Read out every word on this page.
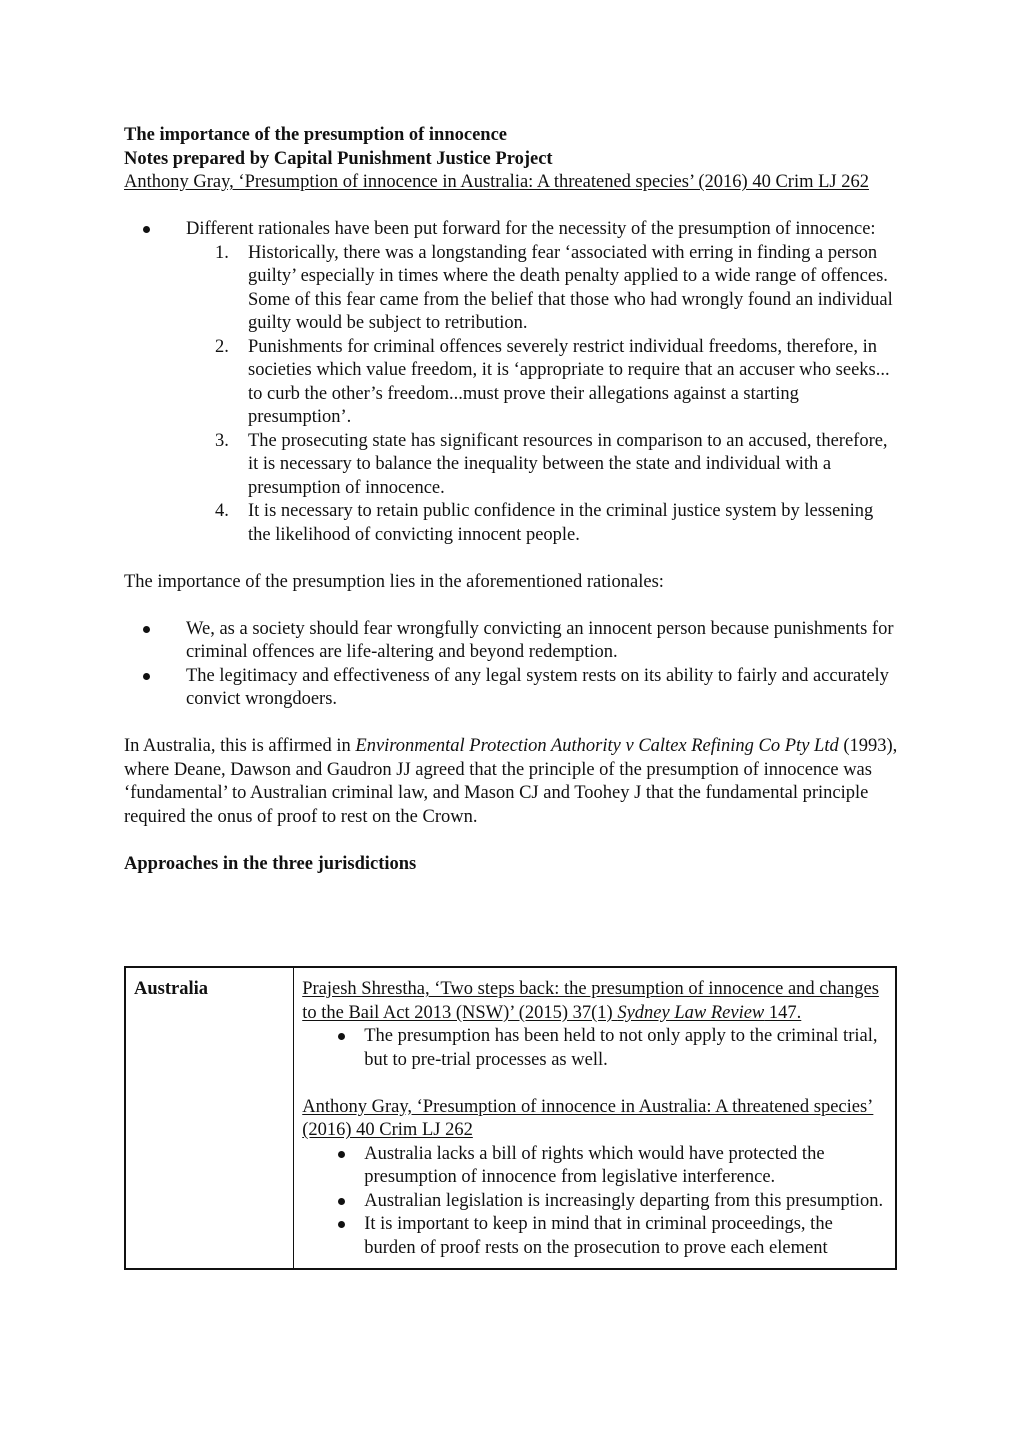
The importance of the presumption of innocence

Notes prepared by Capital Punishment Justice Project

Anthony Gray, ‘Presumption of innocence in Australia: A threatened species’ (2016) 40 Crim LJ 262

Different rationales have been put forward for the necessity of the presumption of innocence:
1. Historically, there was a longstanding fear ‘associated with erring in finding a person guilty’ especially in times where the death penalty applied to a wide range of offences. Some of this fear came from the belief that those who had wrongly found an individual guilty would be subject to retribution.
2. Punishments for criminal offences severely restrict individual freedoms, therefore, in societies which value freedom, it is ‘appropriate to require that an accuser who seeks... to curb the other’s freedom...must prove their allegations against a starting presumption’.
3. The prosecuting state has significant resources in comparison to an accused, therefore, it is necessary to balance the inequality between the state and individual with a presumption of innocence.
4. It is necessary to retain public confidence in the criminal justice system by lessening the likelihood of convicting innocent people.

The importance of the presumption lies in the aforementioned rationales:

We, as a society should fear wrongfully convicting an innocent person because punishments for criminal offences are life-altering and beyond redemption.
The legitimacy and effectiveness of any legal system rests on its ability to fairly and accurately convict wrongdoers.

In Australia, this is affirmed in Environmental Protection Authority v Caltex Refining Co Pty Ltd (1993), where Deane, Dawson and Gaudron JJ agreed that the principle of the presumption of innocence was ‘fundamental’ to Australian criminal law, and Mason CJ and Toohey J that the fundamental principle required the onus of proof to rest on the Crown.

Approaches in the three jurisdictions

Australia	Prajesh Shrestha, ‘Two steps back: the presumption of innocence and changes to the Bail Act 2013 (NSW)’ (2015) 37(1) Sydney Law Review 147.

The presumption has been held to not only apply to the criminal trial, but to pre-trial processes as well.

Anthony Gray, ‘Presumption of innocence in Australia: A threatened species’ (2016) 40 Crim LJ 262

Australia lacks a bill of rights which would have protected the presumption of innocence from legislative interference.
Australian legislation is increasingly departing from this presumption.
It is important to keep in mind that in criminal proceedings, the burden of proof rests on the prosecution to prove each element
